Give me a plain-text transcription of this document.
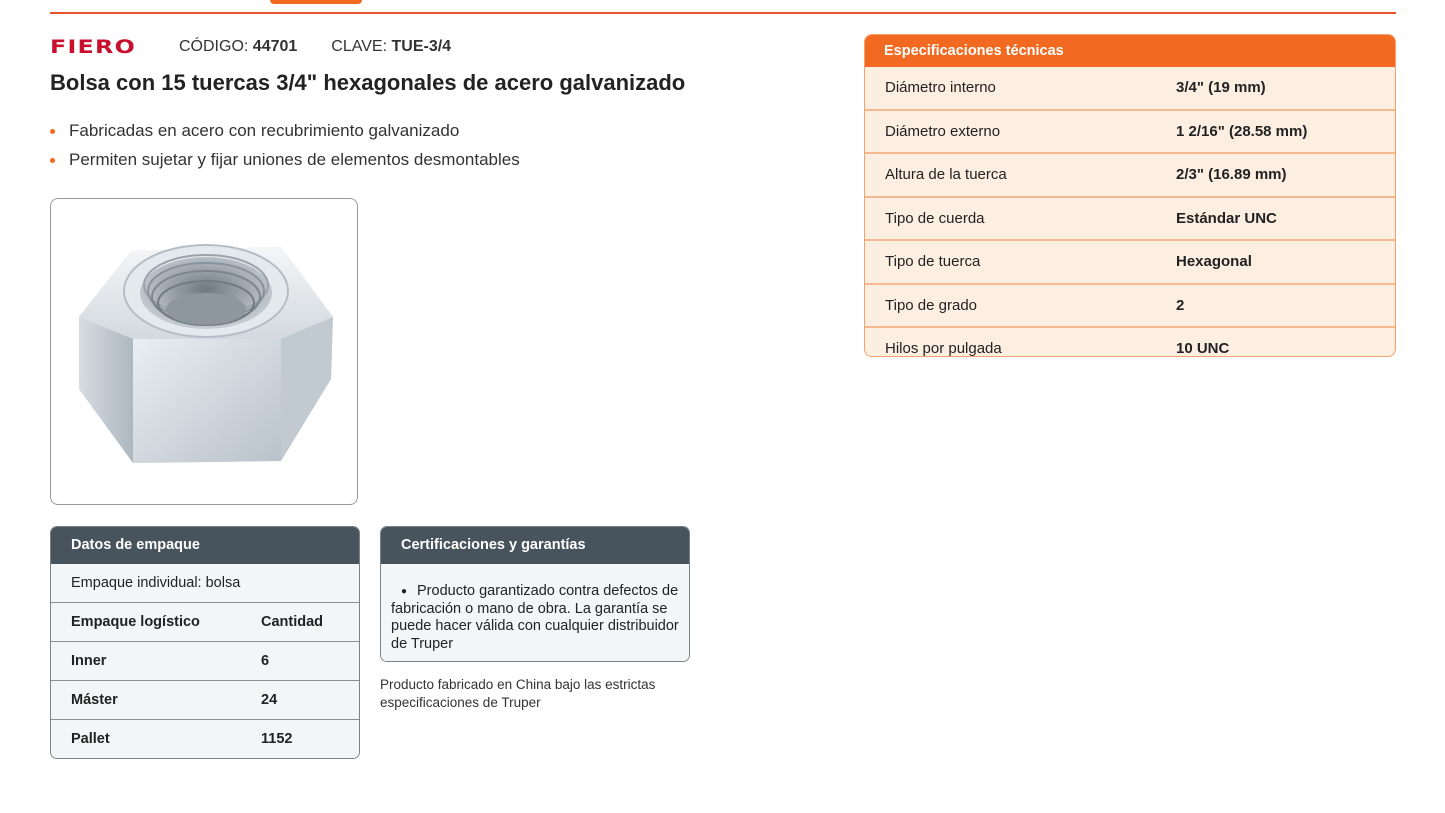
FIERO	CÓDIGO: 44701 CLAVE: TUE-3/4
Bolsa con 15 tuercas 3/4" hexagonales de acero galvanizado
Fabricadas en acero con recubrimiento galvanizado
Permiten sujetar y fijar uniones de elementos desmontables
Datos de empaque
Empaque individual: bolsa
Empaque logístico	Cantidad
Inner	6
Máster	24
Pallet	1152
Certificaciones y garantías
● Producto garantizado contra defectos de fabricación o mano de obra. La garantía se puede hacer válida con cualquier distribuidor de Truper
Producto fabricado en China bajo las estrictas especificaciones de Truper
Especificaciones técnicas
Diámetro interno	3/4" (19 mm)
Diámetro externo	1 2/16" (28.58 mm)
Altura de la tuerca	2/3" (16.89 mm)
Tipo de cuerda	Estándar UNC
Tipo de tuerca	Hexagonal
Tipo de grado	2
Hilos por pulgada	10 UNC
